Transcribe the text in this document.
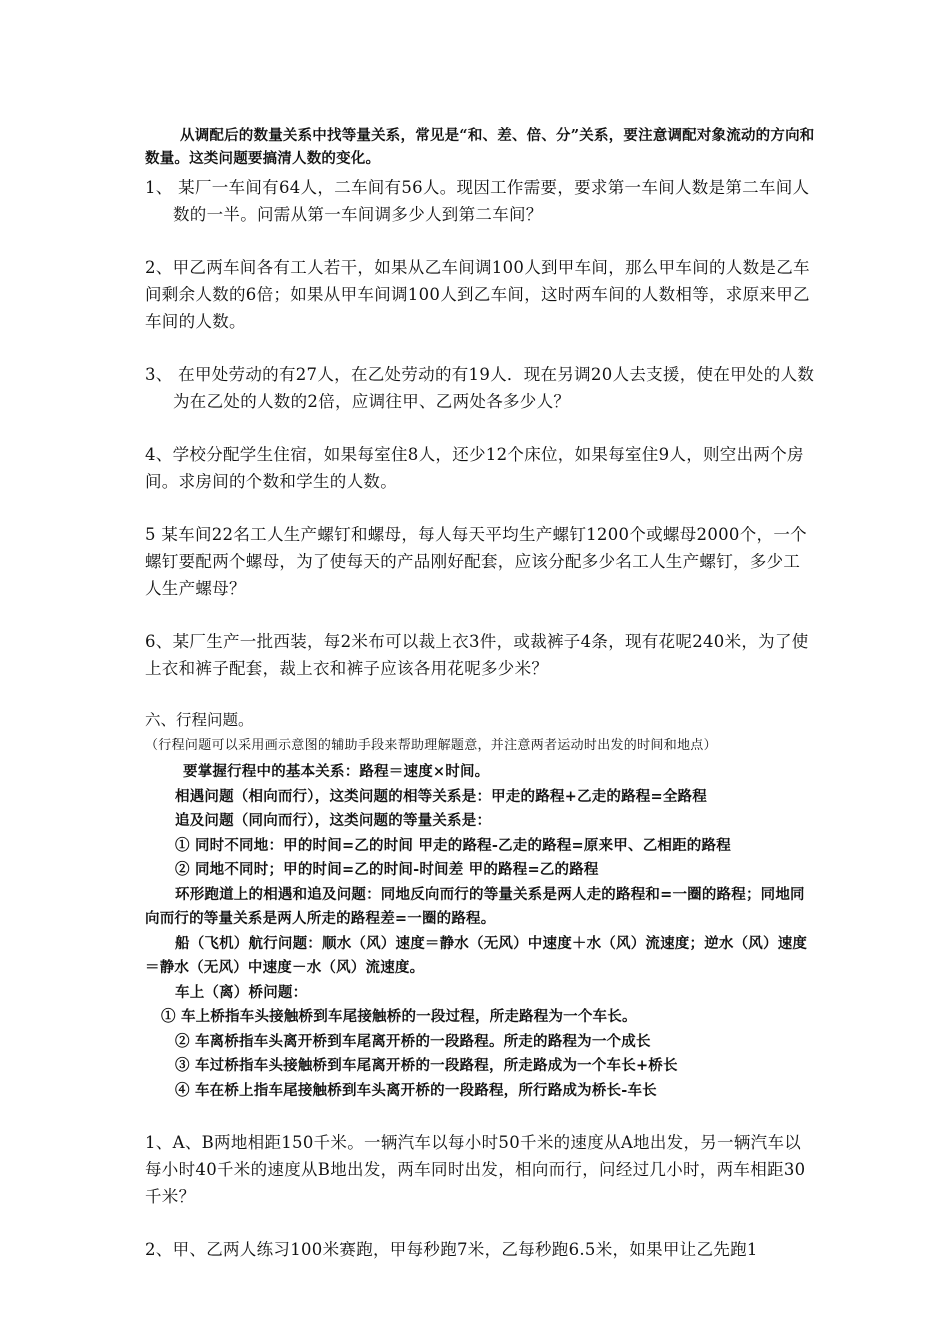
从调配后的数量关系中找等量关系，常见是“和、差、倍、分”关系，要注意调配对象流动的方向和数量。这类问题要搞清人数的变化。

1、 某厂一车间有64人，二车间有56人。现因工作需要，要求第一车间人数是第二车间人数的一半。问需从第一车间调多少人到第二车间？

2、甲乙两车间各有工人若干，如果从乙车间调100人到甲车间，那么甲车间的人数是乙车间剩余人数的6倍；如果从甲车间调100人到乙车间，这时两车间的人数相等，求原来甲乙车间的人数。

3、 在甲处劳动的有27人，在乙处劳动的有19人．现在另调20人去支援，使在甲处的人数为在乙处的人数的2倍，应调往甲、乙两处各多少人？

4、学校分配学生住宿，如果每室住8人，还少12个床位，如果每室住9人，则空出两个房间。求房间的个数和学生的人数。

5 某车间22名工人生产螺钉和螺母，每人每天平均生产螺钉1200个或螺母2000个，一个螺钉要配两个螺母，为了使每天的产品刚好配套，应该分配多少名工人生产螺钉，多少工人生产螺母？

6、某厂生产一批西装，每2米布可以裁上衣3件，或裁裤子4条，现有花呢240米，为了使上衣和裤子配套，裁上衣和裤子应该各用花呢多少米？

六、行程问题。（行程问题可以采用画示意图的辅助手段来帮助理解题意，并注意两者运动时出发的时间和地点）

要掌握行程中的基本关系：路程＝速度×时间。

相遇问题（相向而行），这类问题的相等关系是：甲走的路程+乙走的路程=全路程

追及问题（同向而行），这类问题的等量关系是：

① 同时不同地：甲的时间=乙的时间 甲走的路程-乙走的路程=原来甲、乙相距的路程

② 同地不同时；甲的时间=乙的时间-时间差 甲的路程=乙的路程

环形跑道上的相遇和追及问题：同地反向而行的等量关系是两人走的路程和=一圈的路程；同地同向而行的等量关系是两人所走的路程差=一圈的路程。

船（飞机）航行问题：顺水（风）速度＝静水（无风）中速度＋水（风）流速度；逆水（风）速度＝静水（无风）中速度－水（风）流速度。

车上（离）桥问题：

① 车上桥指车头接触桥到车尾接触桥的一段过程，所走路程为一个车长。

② 车离桥指车头离开桥到车尾离开桥的一段路程。所走的路程为一个成长

③ 车过桥指车头接触桥到车尾离开桥的一段路程，所走路成为一个车长+桥长

④ 车在桥上指车尾接触桥到车头离开桥的一段路程，所行路成为桥长-车长

1、A、B两地相距150千米。一辆汽车以每小时50千米的速度从A地出发，另一辆汽车以每小时40千米的速度从B地出发，两车同时出发，相向而行，问经过几小时，两车相距30千米？

2、甲、乙两人练习100米赛跑，甲每秒跑7米，乙每秒跑6.5米，如果甲让乙先跑1
